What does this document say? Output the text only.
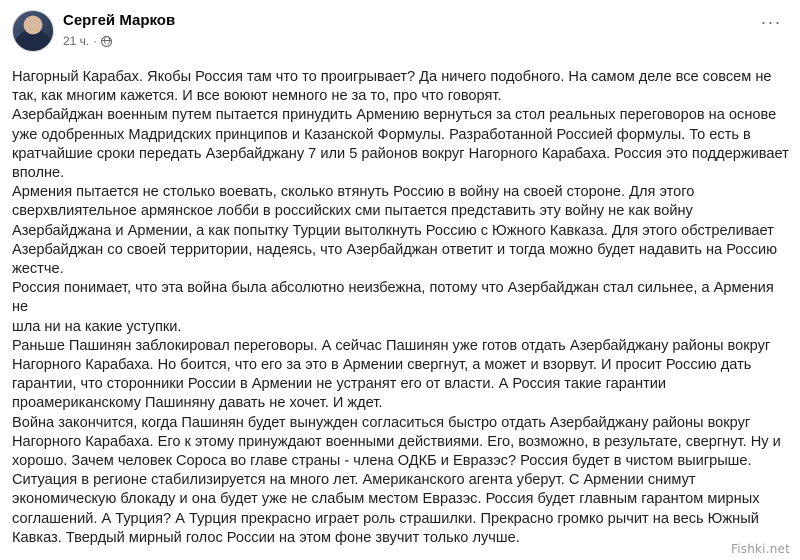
Сергей Марков
21 ч. ·
···

Нагорный Карабах. Якобы Россия там что то проигрывает? Да ничего подобного. На самом деле все совсем не
так, как многим кажется. И все воюют немного не за то, про что говорят.

Азербайджан военным путем пытается принудить Армению вернуться за стол реальных переговоров на основе
уже одобренных Мадридских принципов и Казанской Формулы. Разработанной Россией формулы. То есть в
кратчайшие сроки передать Азербайджану 7 или 5 районов вокруг Нагорного Карабаха. Россия это поддерживает
вполне.

Армения пытается не столько воевать, сколько втянуть Россию в войну на своей стороне. Для этого
сверхвлиятельное армянское лобби в российских сми пытается представить эту войну не как войну
Азербайджана и Армении, а как попытку Турции вытолкнуть Россию с Южного Кавказа. Для этого обстреливает
Азербайджан со своей территории, надеясь, что Азербайджан ответит и тогда можно будет надавить на Россию
жестче.

Россия понимает, что эта война была абсолютно неизбежна, потому что Азербайджан стал сильнее, а Армения не
шла ни на какие уступки.

Раньше Пашинян заблокировал переговоры. А сейчас Пашинян уже готов отдать Азербайджану районы вокруг
Нагорного Карабаха. Но боится, что его за это в Армении свергнут, а может и взорвут. И просит Россию дать
гарантии, что сторонники России в Армении не устранят его от власти. А Россия такие гарантии
проамериканскому Пашиняну давать не хочет. И ждет.

Война закончится, когда Пашинян будет вынужден согласиться быстро отдать Азербайджану районы вокруг
Нагорного Карабаха. Его к этому принуждают военными действиями. Его, возможно, в результате, свергнут. Ну и
хорошо. Зачем человек Сороса во главе страны - члена ОДКБ и Евразэс? Россия будет в чистом выигрыше.

Ситуация в регионе стабилизируется на много лет. Американского агента уберут. С Армении снимут
экономическую блокаду и она будет уже не слабым местом Евразэс. Россия будет главным гарантом мирных
соглашений. А Турция? А Турция прекрасно играет роль страшилки. Прекрасно громко рычит на весь Южный
Кавказ. Твердый мирный голос России на этом фоне звучит только лучше.

Fishki.net
